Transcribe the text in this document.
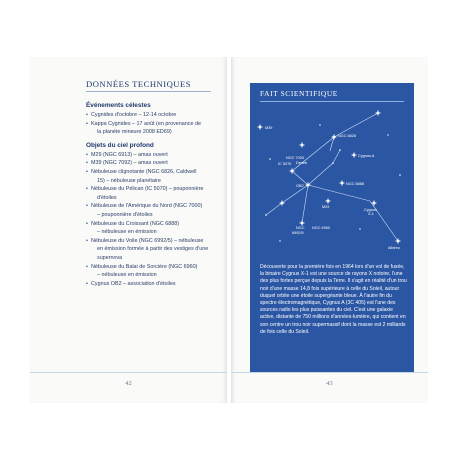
DONNÉES TECHNIQUES
Événements célestes
• Cygnides d'octobre – 12-14 octobre
• Kappa Cygnides – 17 août (en provenance de
la planète mineure 2008 ED69)
Objets du ciel profond
• M29 (NGC 6913) – amas ouvert
• M39 (NGC 7092) – amas ouvert
• Nébuleuse clignotante (NGC 6826, Caldwell
15) – nébuleuse planétaire
• Nébuleuse du Pélican (IC 5070) – pouponnière
d'étoiles
• Nébuleuse de l'Amérique du Nord (NGC 7000)
– pouponnière d'étoiles
• Nébuleuse du Croissant (NGC 6888)
– nébuleuse en émission
• Nébuleuse du Voile (NGC 6992/5) – nébuleuse
en émission formée à partir des vestiges d'une
supernova
• Nébuleuse du Balai de Sorcière (NGC 6960)
– nébuleuse en émission
• Cygnus OB2 – association d'étoiles
42
FAIT SCIENTIFIQUE
M39
NGC 6826
NGC 7000
IC 5070 Deneb
Cygnus A
OB2	NGC 6888
M29
Cygnus
X-1
NGC
6992/5
NGC 6960
Albireo
Découverte pour la première fois en 1964 lors d'un vol de fusée, la binaire Cygnus X-1 est une source de rayons X notoire, l'une des plus fortes perçue depuis la Terre. Il s'agit en réalité d'un trou noir d'une masse 14,8 fois supérieure à celle du Soleil, autour duquel orbite une étoile supergéante bleue. À l'autre fin du spectre électromagnétique, Cygnus A (3C 405) est l'une des sources radio les plus puissantes du ciel. C'est une galaxie active, distante de 750 millions d'années-lumière, qui contient en son centre un trou noir supermassif dont la masse est 2 milliards de fois celle du Soleil.
43
